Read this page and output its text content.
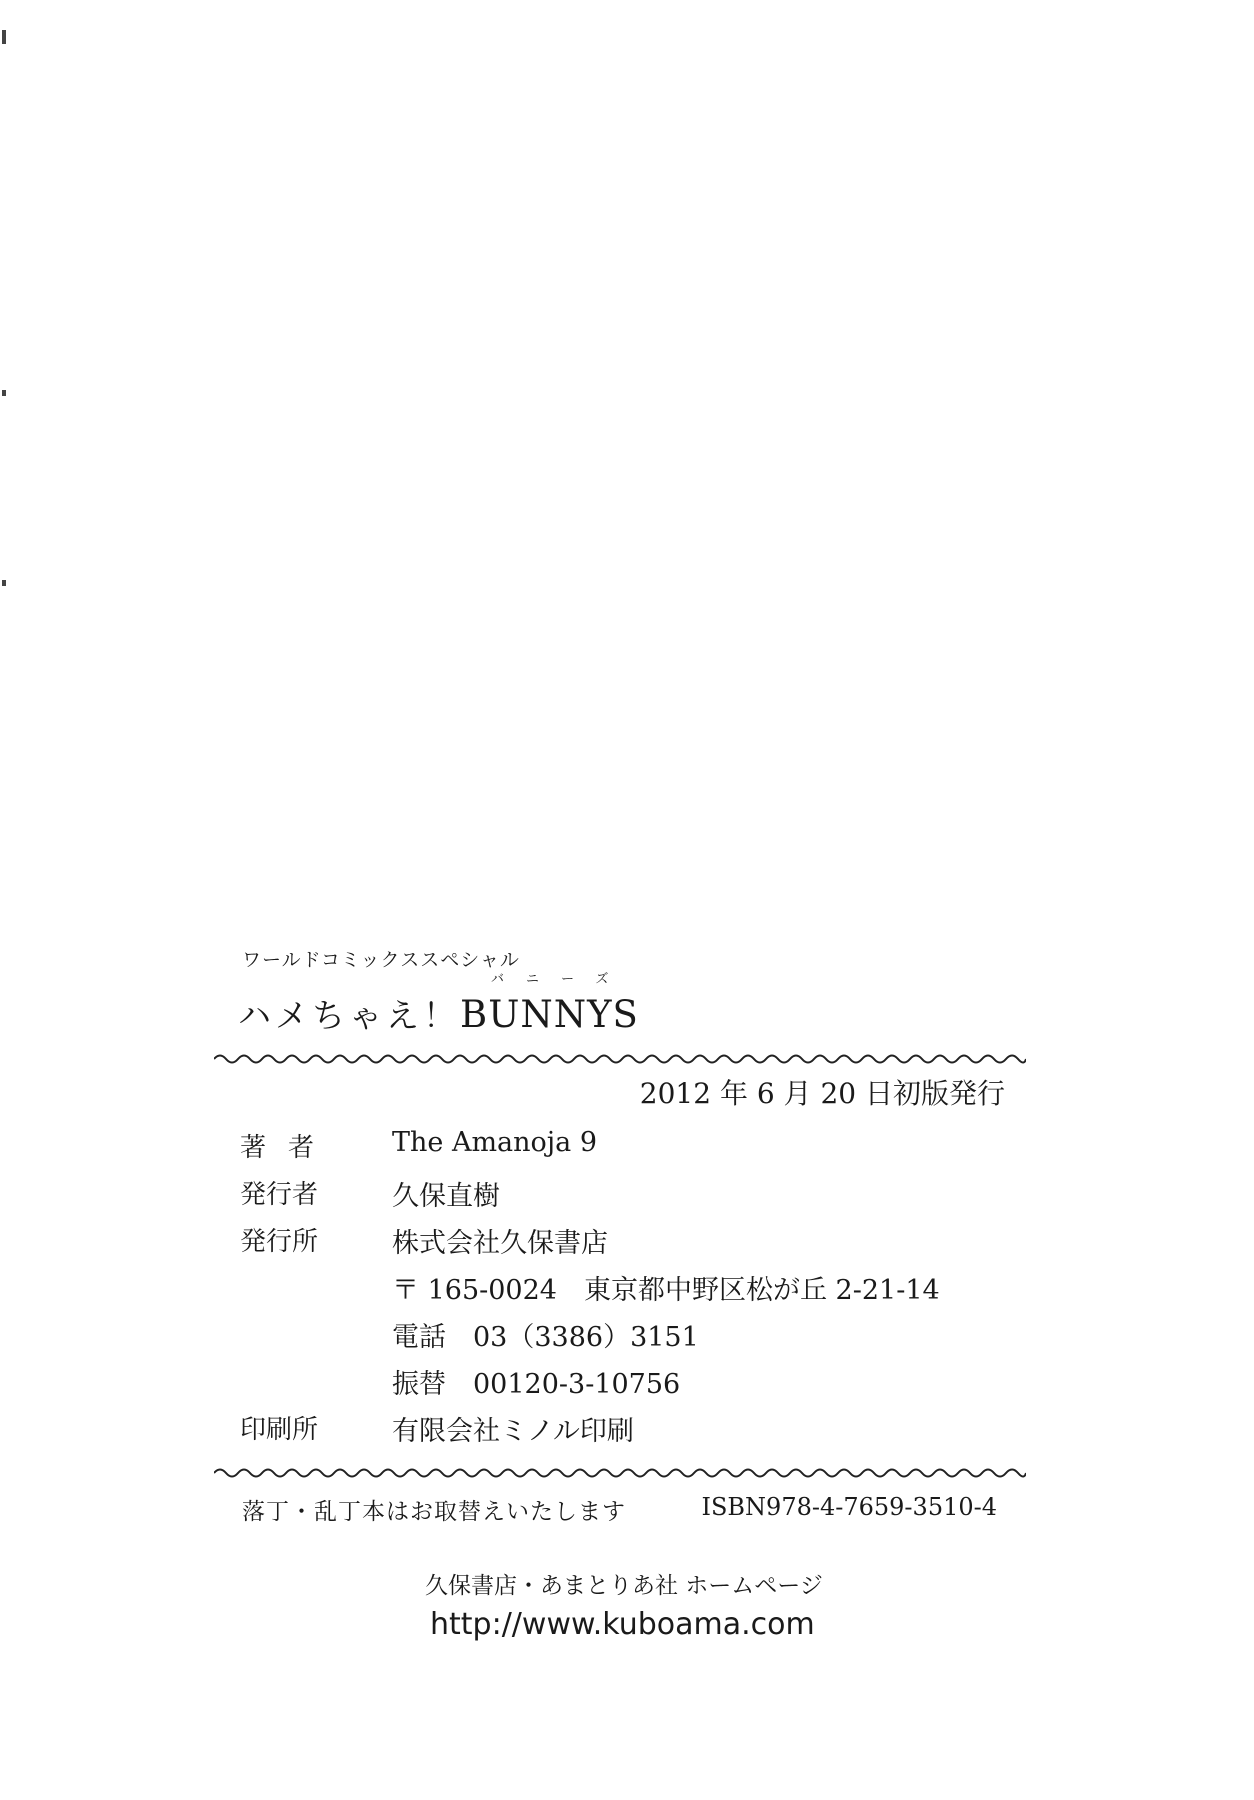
ワールドコミックススペシャル
バニーズ
ハメちゃえ！BUNNYS
2012 年 6 月 20 日初版発行
著者	The Amanoja 9
発行者	久保直樹
発行所	株式会社久保書店
〒 165-0024　東京都中野区松が丘 2-21-14
電話　03（3386）3151
振替　00120-3-10756
印刷所	有限会社ミノル印刷
落丁・乱丁本はお取替えいたします	ISBN978-4-7659-3510-4
久保書店・あまとりあ社 ホームページ
http://www.kuboama.com
